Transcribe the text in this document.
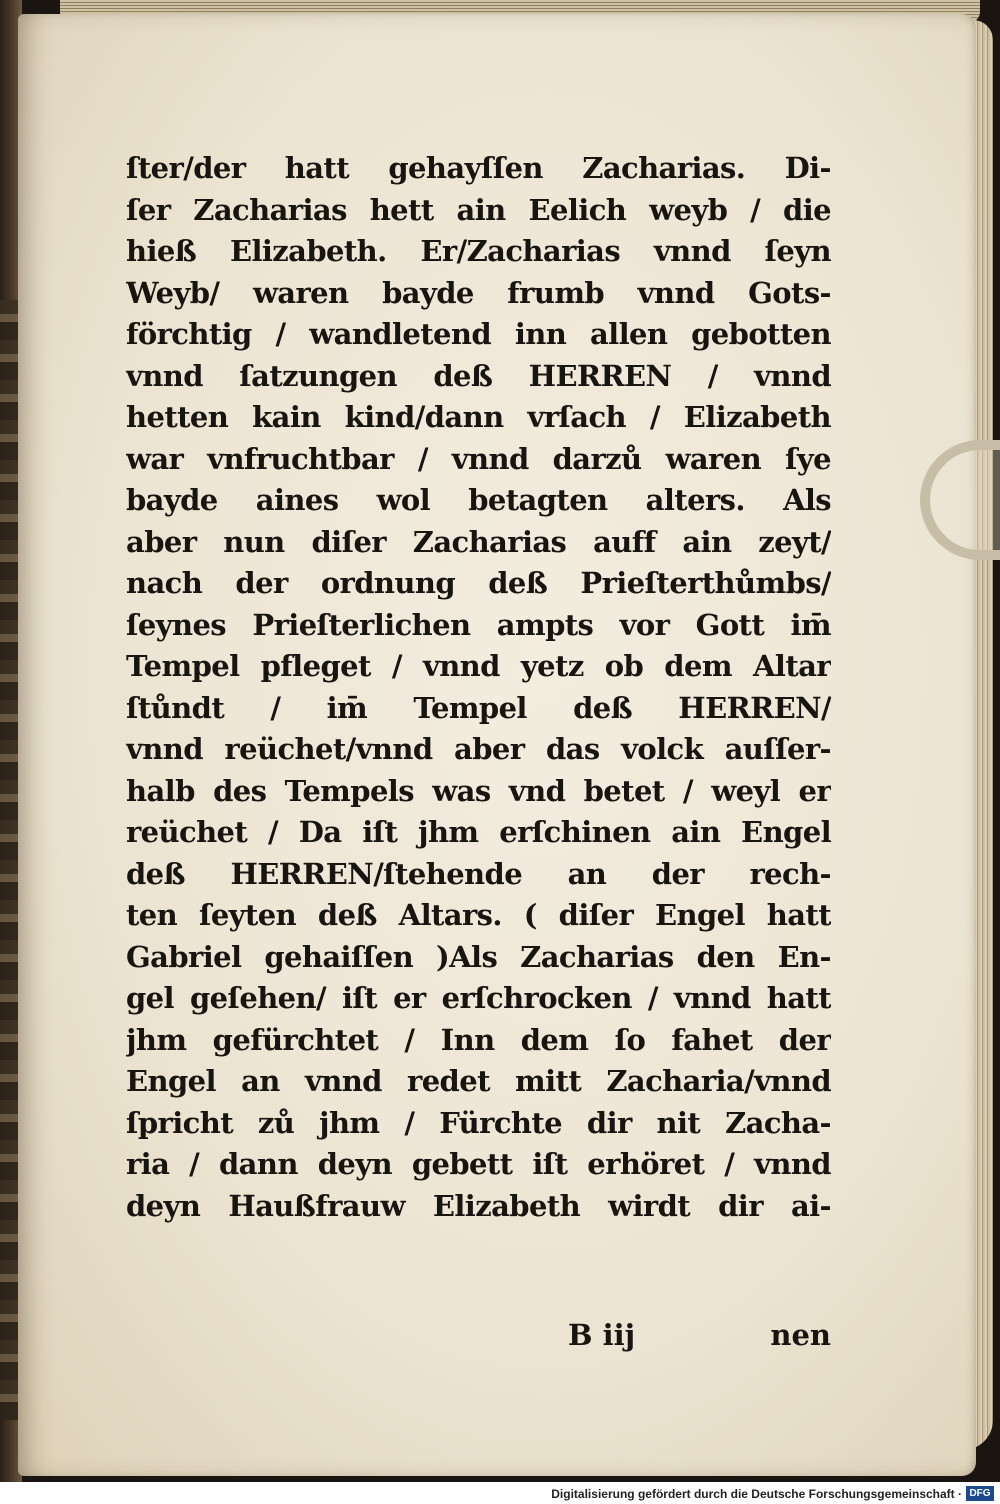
ſter/der hatt gehayſſen Zacharias. Di-
ſer Zacharias hett ain Eelich weyb / die
hieß Elizabeth. Er/Zacharias vnnd ſeyn
Weyb/ waren bayde frumb vnnd Gots-
förchtig / wandletend inn allen gebotten
vnnd ſatzungen deß HERREN / vnnd
hetten kain kind/dann vrſach / Elizabeth
war vnfruchtbar / vnnd darzů waren ſye
bayde aines wol betagten alters. Als
aber nun diſer Zacharias auff ain zeyt/
nach der ordnung deß Prieſterthůmbs/
ſeynes Prieſterlichen ampts vor Gott im̄
Tempel pfleget / vnnd yetz ob dem Altar
ſtůndt / im̄ Tempel deß HERREN/
vnnd reüchet/vnnd aber das volck auſſer-
halb des Tempels was vnd betet / weyl er
reüchet / Da iſt jhm erſchinen ain Engel
deß HERREN/ſtehende an der rech-
ten ſeyten deß Altars. ( diſer Engel hatt
Gabriel gehaiſſen )Als Zacharias den En-
gel geſehen/ iſt er erſchrocken / vnnd hatt
jhm gefürchtet / Inn dem ſo fahet der
Engel an vnnd redet mitt Zacharia/vnnd
ſpricht zů jhm / Fürchte dir nit Zacha-
ria / dann deyn gebett iſt erhöret / vnnd
deyn Haußfrauw Elizabeth wirdt dir ai-
B iij	nen
Digitalisierung gefördert durch die Deutsche Forschungsgemeinschaft · DFG
